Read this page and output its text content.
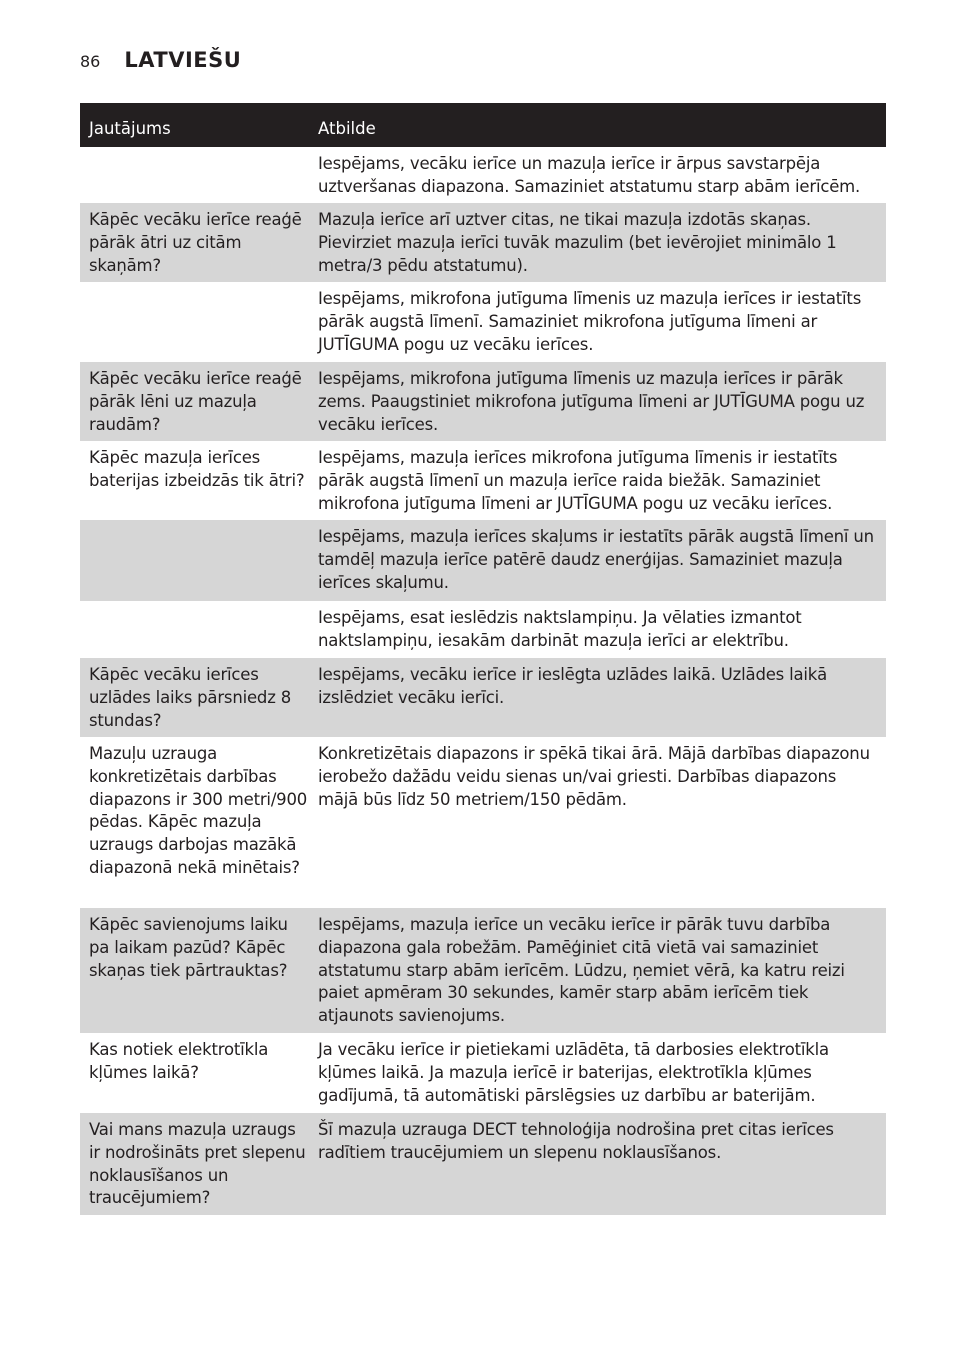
86 LATVIEŠU
Jautājums	Atbilde
Iespējams, vecāku ierīce un mazuļa ierīce ir ārpus savstarpēja uztveršanas diapazona. Samaziniet atstatumu starp abām ierīcēm.
Kāpēc vecāku ierīce reaģē pārāk ātri uz citām skaņām?
Mazuļa ierīce arī uztver citas, ne tikai mazuļa izdotās skaņas. Pievirziet mazuļa ierīci tuvāk mazulim (bet ievērojiet minimālo 1 metra/3 pēdu atstatumu).
Iespējams, mikrofona jutīguma līmenis uz mazuļa ierīces ir iestatīts pārāk augstā līmenī. Samaziniet mikrofona jutīguma līmeni ar JUTĪGUMA pogu uz vecāku ierīces.
Kāpēc vecāku ierīce reaģē pārāk lēni uz mazuļa raudām?
Iespējams, mikrofona jutīguma līmenis uz mazuļa ierīces ir pārāk zems. Paaugstiniet mikrofona jutīguma līmeni ar JUTĪGUMA pogu uz vecāku ierīces.
Kāpēc mazuļa ierīces baterijas izbeidzās tik ātri?
Iespējams, mazuļa ierīces mikrofona jutīguma līmenis ir iestatīts pārāk augstā līmenī un mazuļa ierīce raida biežāk. Samaziniet mikrofona jutīguma līmeni ar JUTĪGUMA pogu uz vecāku ierīces.
Iespējams, mazuļa ierīces skaļums ir iestatīts pārāk augstā līmenī un tamdēļ mazuļa ierīce patērē daudz enerģijas. Samaziniet mazuļa ierīces skaļumu.
Iespējams, esat ieslēdzis naktslampiņu. Ja vēlaties izmantot naktslampiņu, iesakām darbināt mazuļa ierīci ar elektrību.
Kāpēc vecāku ierīces uzlādes laiks pārsniedz 8 stundas?
Iespējams, vecāku ierīce ir ieslēgta uzlādes laikā. Uzlādes laikā izslēdziet vecāku ierīci.
Mazuļu uzrauga konkretizētais darbības diapazons ir 300 metri/900 pēdas. Kāpēc mazuļa uzraugs darbojas mazākā diapazonā nekā minētais?
Konkretizētais diapazons ir spēkā tikai ārā. Mājā darbības diapazonu ierobežo dažādu veidu sienas un/vai griesti. Darbības diapazons mājā būs līdz 50 metriem/150 pēdām.
Kāpēc savienojums laiku pa laikam pazūd? Kāpēc skaņas tiek pārtrauktas?
Iespējams, mazuļa ierīce un vecāku ierīce ir pārāk tuvu darbība diapazona gala robežām. Pamēģiniet citā vietā vai samaziniet atstatumu starp abām ierīcēm. Lūdzu, ņemiet vērā, ka katru reizi paiet apmēram 30 sekundes, kamēr starp abām ierīcēm tiek atjaunots savienojums.
Kas notiek elektrotīkla kļūmes laikā?
Ja vecāku ierīce ir pietiekami uzlādēta, tā darbosies elektrotīkla kļūmes laikā. Ja mazuļa ierīcē ir baterijas, elektrotīkla kļūmes gadījumā, tā automātiski pārslēgsies uz darbību ar baterijām.
Vai mans mazuļa uzraugs ir nodrošināts pret slepenu noklausīšanos un traucējumiem?
Šī mazuļa uzrauga DECT tehnoloģija nodrošina pret citas ierīces radītiem traucējumiem un slepenu noklausīšanos.
